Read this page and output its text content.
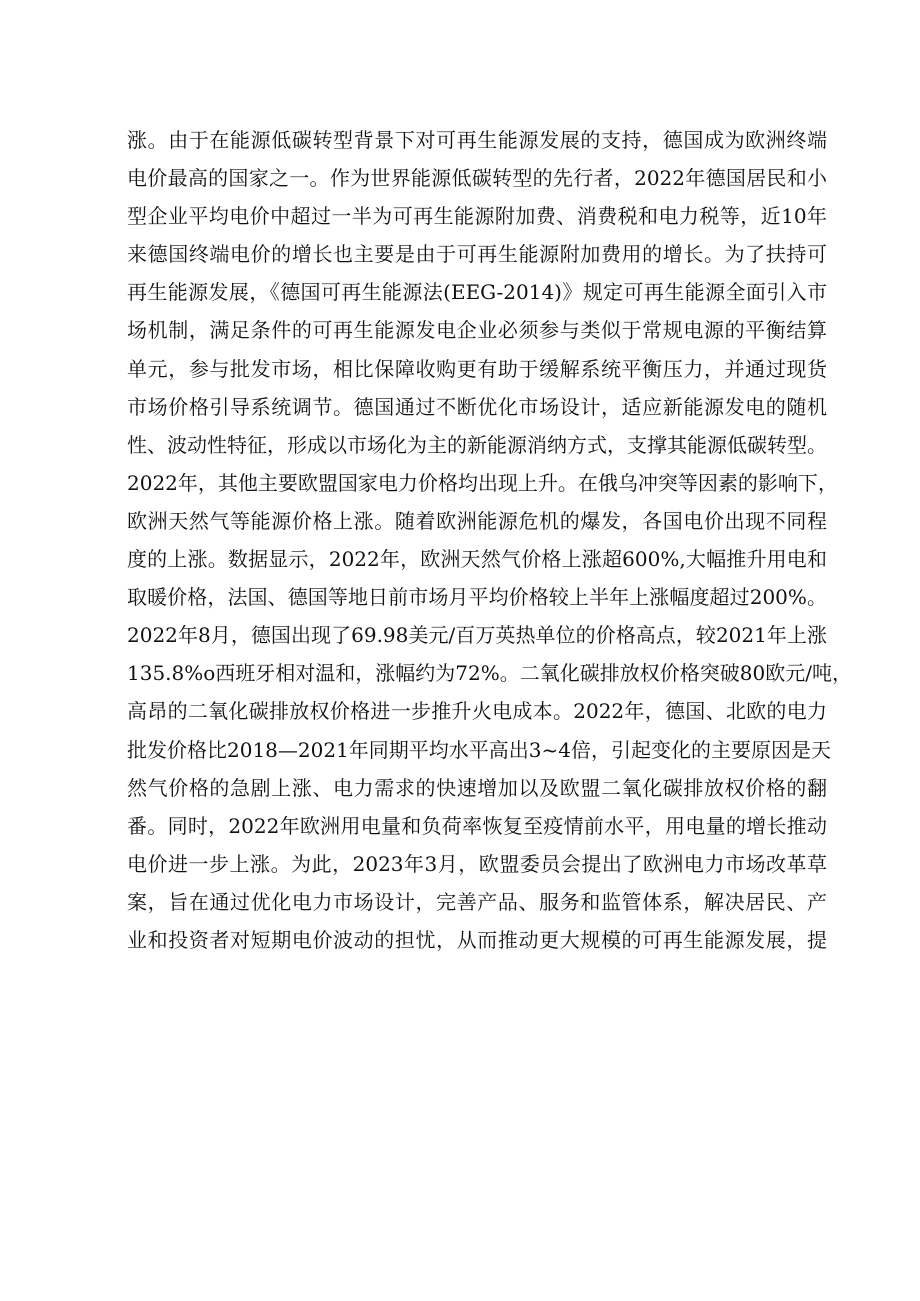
涨。由于在能源低碳转型背景下对可再生能源发展的支持，德国成为欧洲终端
电价最高的国家之一。作为世界能源低碳转型的先行者，2022年德国居民和小
型企业平均电价中超过一半为可再生能源附加费、消费税和电力税等，近10年
来德国终端电价的增长也主要是由于可再生能源附加费用的增长。为了扶持可
再生能源发展，《德国可再生能源法(EEG-2014)》规定可再生能源全面引入市
场机制，满足条件的可再生能源发电企业必须参与类似于常规电源的平衡结算
单元，参与批发市场，相比保障收购更有助于缓解系统平衡压力，并通过现货
市场价格引导系统调节。德国通过不断优化市场设计，适应新能源发电的随机
性、波动性特征，形成以市场化为主的新能源消纳方式，支撑其能源低碳转型。
2022年，其他主要欧盟国家电力价格均出现上升。在俄乌冲突等因素的影响下，
欧洲天然气等能源价格上涨。随着欧洲能源危机的爆发，各国电价出现不同程
度的上涨。数据显示，2022年，欧洲天然气价格上涨超600%,大幅推升用电和
取暖价格，法国、德国等地日前市场月平均价格较上半年上涨幅度超过200%。
2022年8月，德国出现了69.98美元/百万英热单位的价格高点，较2021年上涨
135.8%o西班牙相对温和，涨幅约为72%。二氧化碳排放权价格突破80欧元/吨，
高昂的二氧化碳排放权价格进一步推升火电成本。2022年，德国、北欧的电力
批发价格比2018—2021年同期平均水平高出3~4倍，引起变化的主要原因是天
然气价格的急剧上涨、电力需求的快速增加以及欧盟二氧化碳排放权价格的翻
番。同时，2022年欧洲用电量和负荷率恢复至疫情前水平，用电量的增长推动
电价进一步上涨。为此，2023年3月，欧盟委员会提出了欧洲电力市场改革草
案，旨在通过优化电力市场设计，完善产品、服务和监管体系，解决居民、产
业和投资者对短期电价波动的担忧，从而推动更大规模的可再生能源发展，提
